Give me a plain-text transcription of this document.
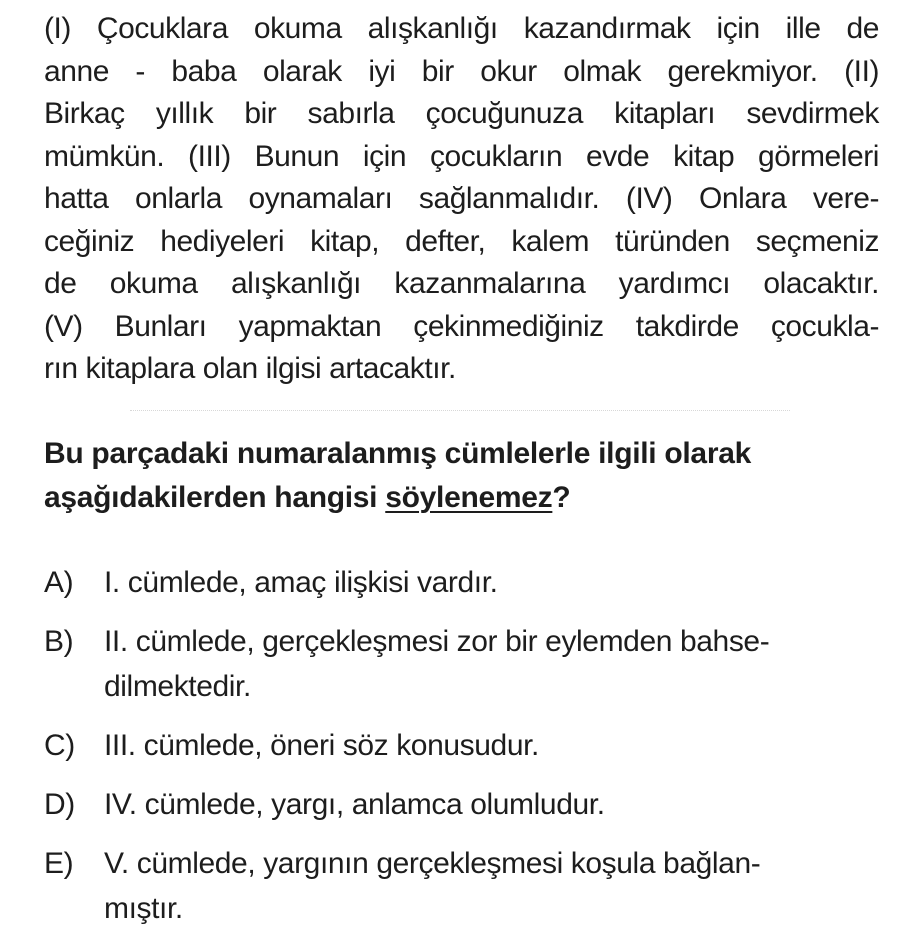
(I) Çocuklara okuma alışkanlığı kazandırmak için ille de
anne - baba olarak iyi bir okur olmak gerekmiyor. (II)
Birkaç yıllık bir sabırla çocuğunuza kitapları sevdirmek
mümkün. (III) Bunun için çocukların evde kitap görmeleri
hatta onlarla oynamaları sağlanmalıdır. (IV) Onlara vere-
ceğiniz hediyeleri kitap, defter, kalem türünden seçmeniz
de okuma alışkanlığı kazanmalarına yardımcı olacaktır.
(V) Bunları yapmaktan çekinmediğiniz takdirde çocukla-
rın kitaplara olan ilgisi artacaktır.
Bu parçadaki numaralanmış cümlelerle ilgili olarak
aşağıdakilerden hangisi söylenemez?
A)	I. cümlede, amaç ilişkisi vardır.
B)	II. cümlede, gerçekleşmesi zor bir eylemden bahse-
dilmektedir.
C) III. cümlede, öneri söz konusudur.
D) IV. cümlede, yargı, anlamca olumludur.
E)	V. cümlede, yargının gerçekleşmesi koşula bağlan-
mıştır.
